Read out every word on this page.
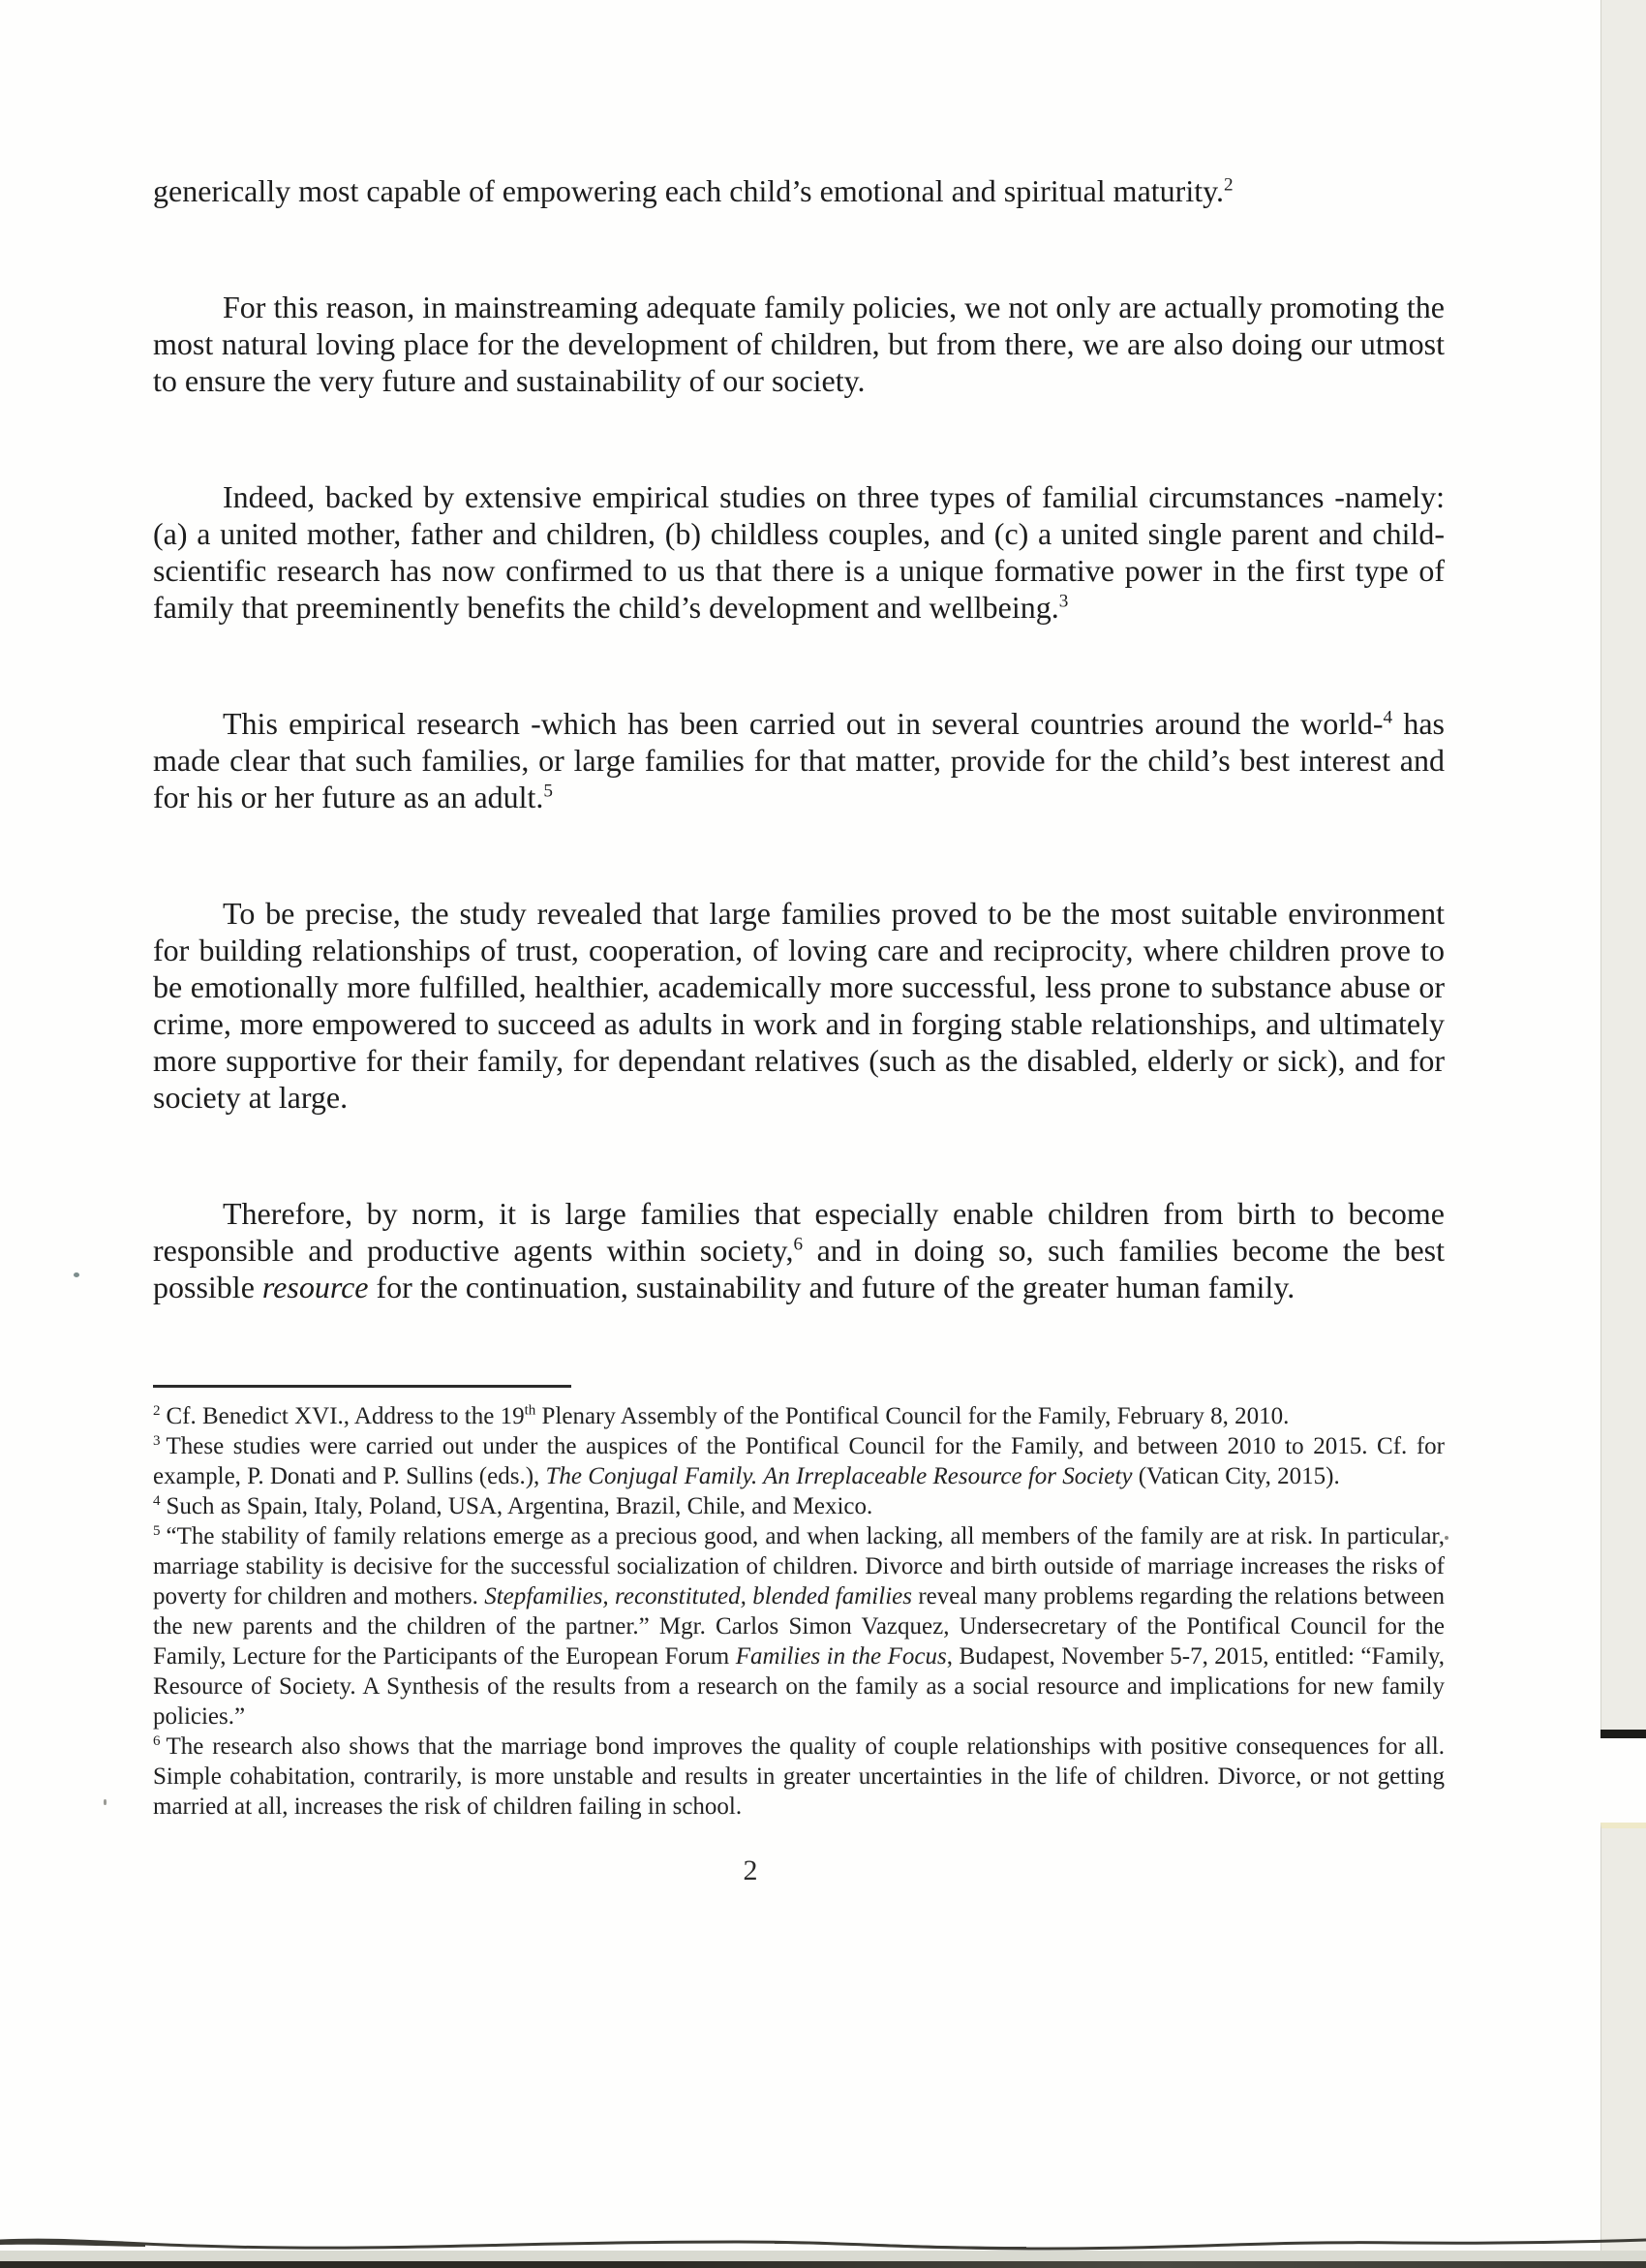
generically most capable of empowering each child’s emotional and spiritual maturity.$^2$

For this reason, in mainstreaming adequate family policies, we not only are actually promoting the most natural loving place for the development of children, but from there, we are also doing our utmost to ensure the very future and sustainability of our society.

Indeed, backed by extensive empirical studies on three types of familial circumstances -namely: (a) a united mother, father and children, (b) childless couples, and (c) a united single parent and child- scientific research has now confirmed to us that there is a unique formative power in the first type of family that preeminently benefits the child’s development and wellbeing.$^3$

This empirical research -which has been carried out in several countries around the world-$^4$ has made clear that such families, or large families for that matter, provide for the child’s best interest and for his or her future as an adult.$^5$

To be precise, the study revealed that large families proved to be the most suitable environment for building relationships of trust, cooperation, of loving care and reciprocity, where children prove to be emotionally more fulfilled, healthier, academically more successful, less prone to substance abuse or crime, more empowered to succeed as adults in work and in forging stable relationships, and ultimately more supportive for their family, for dependant relatives (such as the disabled, elderly or sick), and for society at large.

Therefore, by norm, it is large families that especially enable children from birth to become responsible and productive agents within society,$^6$ and in doing so, such families become the best possible resource for the continuation, sustainability and future of the greater human family.

$^2$ Cf. Benedict XVI., Address to the 19th Plenary Assembly of the Pontifical Council for the Family, February 8, 2010.
$^3$ These studies were carried out under the auspices of the Pontifical Council for the Family, and between 2010 to 2015. Cf. for example, P. Donati and P. Sullins (eds.), The Conjugal Family. An Irreplaceable Resource for Society (Vatican City, 2015).
$^4$ Such as Spain, Italy, Poland, USA, Argentina, Brazil, Chile, and Mexico.
$^5$ “The stability of family relations emerge as a precious good, and when lacking, all members of the family are at risk. In particular, marriage stability is decisive for the successful socialization of children. Divorce and birth outside of marriage increases the risks of poverty for children and mothers. Stepfamilies, reconstituted, blended families reveal many problems regarding the relations between the new parents and the children of the partner.” Mgr. Carlos Simon Vazquez, Undersecretary of the Pontifical Council for the Family, Lecture for the Participants of the European Forum Families in the Focus, Budapest, November 5-7, 2015, entitled: “Family, Resource of Society. A Synthesis of the results from a research on the family as a social resource and implications for new family policies.”
$^6$ The research also shows that the marriage bond improves the quality of couple relationships with positive consequences for all. Simple cohabitation, contrarily, is more unstable and results in greater uncertainties in the life of children. Divorce, or not getting married at all, increases the risk of children failing in school.
2
